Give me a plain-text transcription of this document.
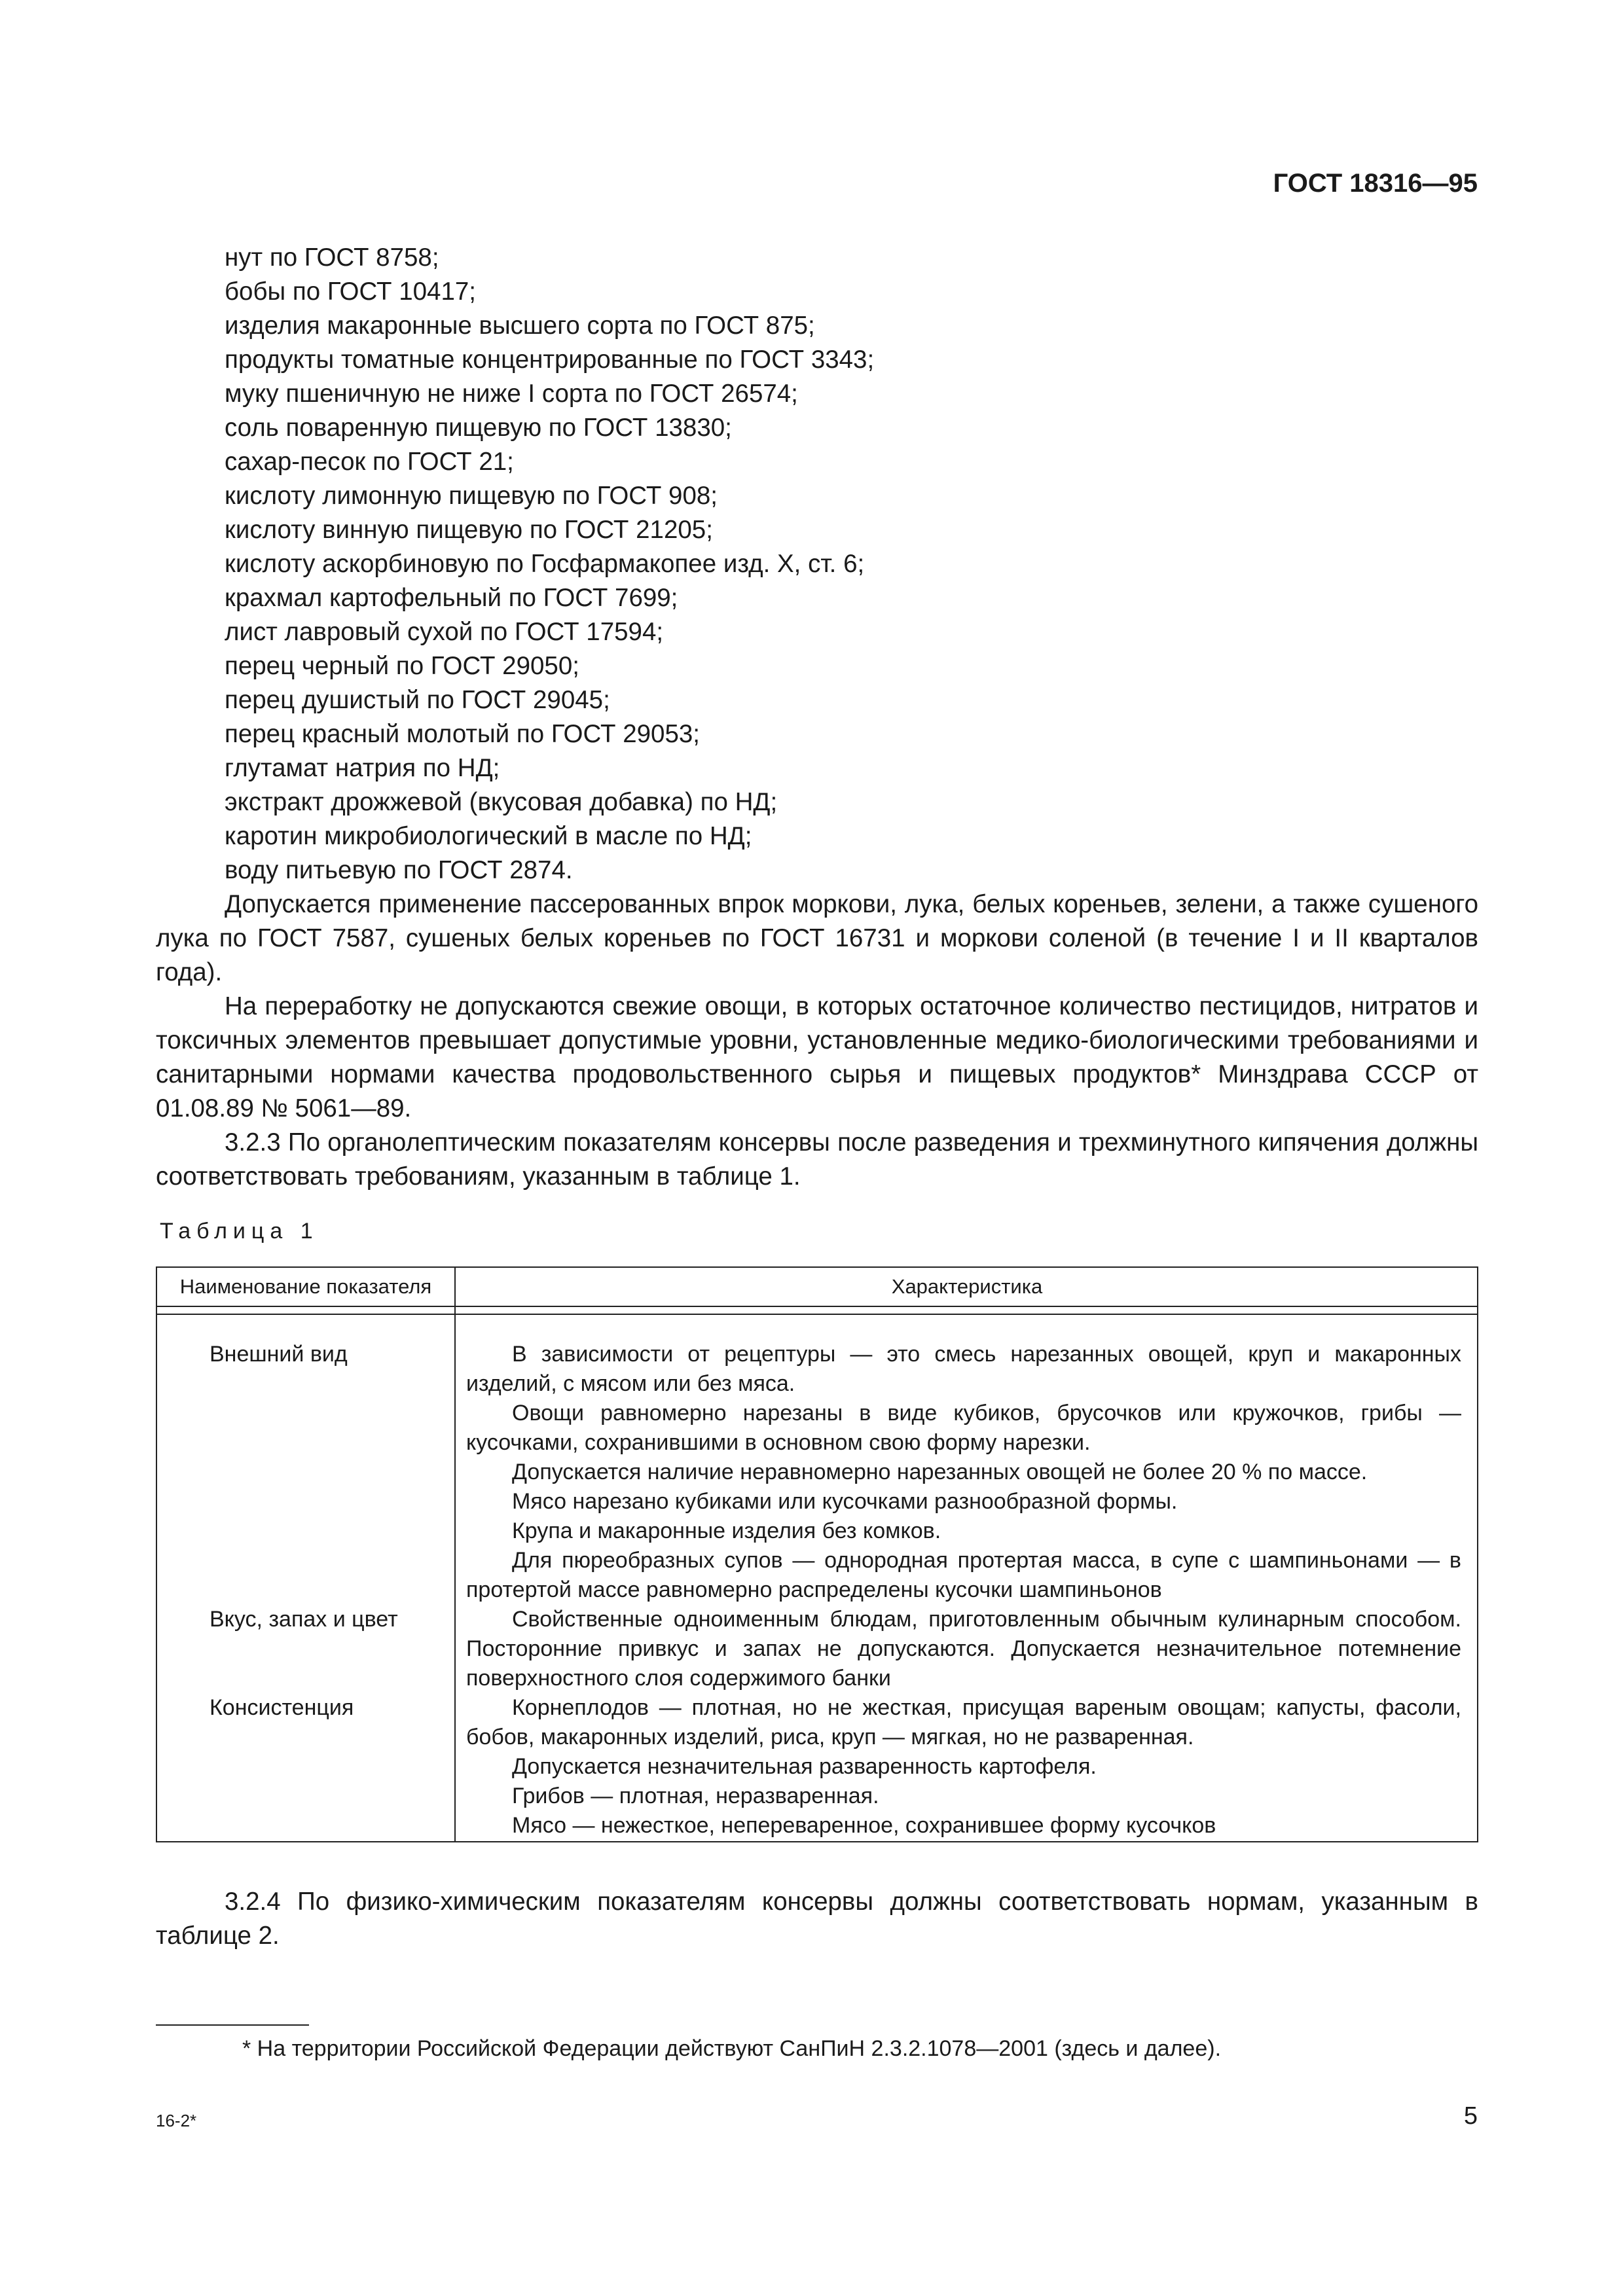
ГОСТ 18316—95
нут по ГОСТ 8758;
бобы по ГОСТ 10417;
изделия макаронные высшего сорта по ГОСТ 875;
продукты томатные концентрированные по ГОСТ 3343;
муку пшеничную не ниже I сорта по ГОСТ 26574;
соль поваренную пищевую по ГОСТ 13830;
сахар-песок по ГОСТ 21;
кислоту лимонную пищевую по ГОСТ 908;
кислоту винную пищевую по ГОСТ 21205;
кислоту аскорбиновую по Госфармакопее изд. X, ст. 6;
крахмал картофельный по ГОСТ 7699;
лист лавровый сухой по ГОСТ 17594;
перец черный по ГОСТ 29050;
перец душистый по ГОСТ 29045;
перец красный молотый по ГОСТ 29053;
глутамат натрия по НД;
экстракт дрожжевой (вкусовая добавка) по НД;
каротин микробиологический в масле по НД;
воду питьевую по ГОСТ 2874.
Допускается применение пассерованных впрок моркови, лука, белых кореньев, зелени, а также сушеного лука по ГОСТ 7587, сушеных белых кореньев по ГОСТ 16731 и моркови соленой (в течение I и II кварталов года).
На переработку не допускаются свежие овощи, в которых остаточное количество пестицидов, нитратов и токсичных элементов превышает допустимые уровни, установленные медико-биологическими требованиями и санитарными нормами качества продовольственного сырья и пищевых продуктов* Минздрава СССР от 01.08.89 № 5061—89.
3.2.3 По органолептическим показателям консервы после разведения и трехминутного кипячения должны соответствовать требованиям, указанным в таблице 1.
Таблица 1
Наименование показателя	Характеристика
Внешний вид
Вкус, запах и цвет
Консистенция
В зависимости от рецептуры — это смесь нарезанных овощей, круп и макаронных изделий, с мясом или без мяса.
Овощи равномерно нарезаны в виде кубиков, брусочков или кружочков, грибы — кусочками, сохранившими в основном свою форму нарезки.
Допускается наличие неравномерно нарезанных овощей не более 20 % по массе.
Мясо нарезано кубиками или кусочками разнообразной формы.
Крупа и макаронные изделия без комков.
Для пюреобразных супов — однородная протертая масса, в супе с шампиньонами — в протертой массе равномерно распределены кусочки шампиньонов
Свойственные одноименным блюдам, приготовленным обычным кулинарным способом. Посторонние привкус и запах не допускаются. Допускается незначительное потемнение поверхностного слоя содержимого банки
Корнеплодов — плотная, но не жесткая, присущая вареным овощам; капусты, фасоли, бобов, макаронных изделий, риса, круп — мягкая, но не разваренная.
Допускается незначительная разваренность картофеля.
Грибов — плотная, неразваренная.
Мясо — нежесткое, непереваренное, сохранившее форму кусочков
3.2.4 По физико-химическим показателям консервы должны соответствовать нормам, указанным в таблице 2.
* На территории Российской Федерации действуют СанПиН 2.3.2.1078—2001 (здесь и далее).
16-2*	5
